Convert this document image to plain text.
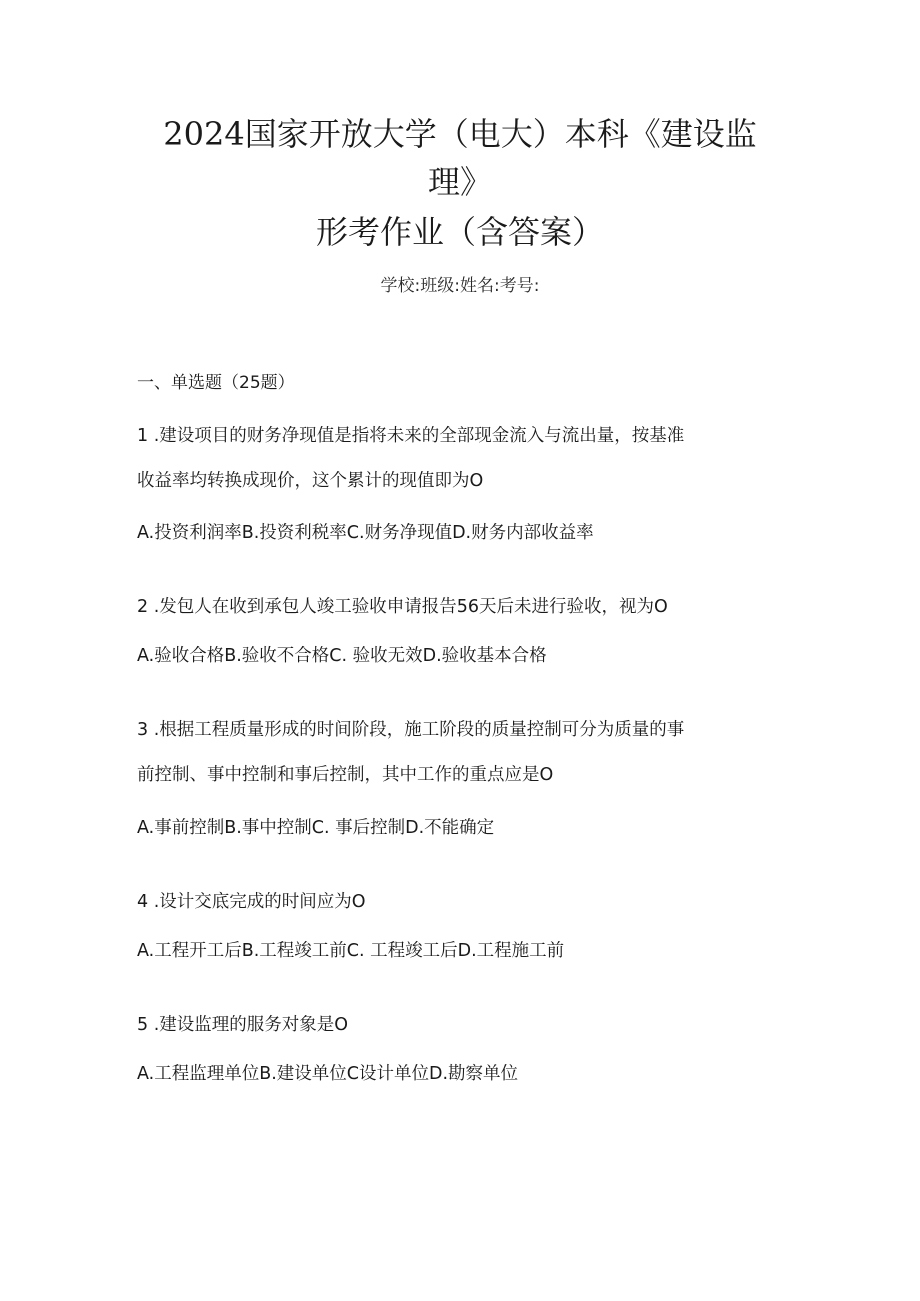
2024国家开放大学（电大）本科《建设监
理》
形考作业（含答案）
学校:班级:姓名:考号:
一、单选题（25题）
1 .建设项目的财务净现值是指将未来的全部现金流入与流出量，按基准
收益率均转换成现价，这个累计的现值即为O
A.投资利润率B.投资利税率C.财务净现值D.财务内部收益率
2 .发包人在收到承包人竣工验收申请报告56天后未进行验收，视为O
A.验收合格B.验收不合格C. 验收无效D.验收基本合格
3 .根据工程质量形成的时间阶段，施工阶段的质量控制可分为质量的事
前控制、事中控制和事后控制，其中工作的重点应是O
A.事前控制B.事中控制C. 事后控制D.不能确定
4 .设计交底完成的时间应为O
A.工程开工后B.工程竣工前C. 工程竣工后D.工程施工前
5 .建设监理的服务对象是O
A.工程监理单位B.建设单位C设计单位D.勘察单位
